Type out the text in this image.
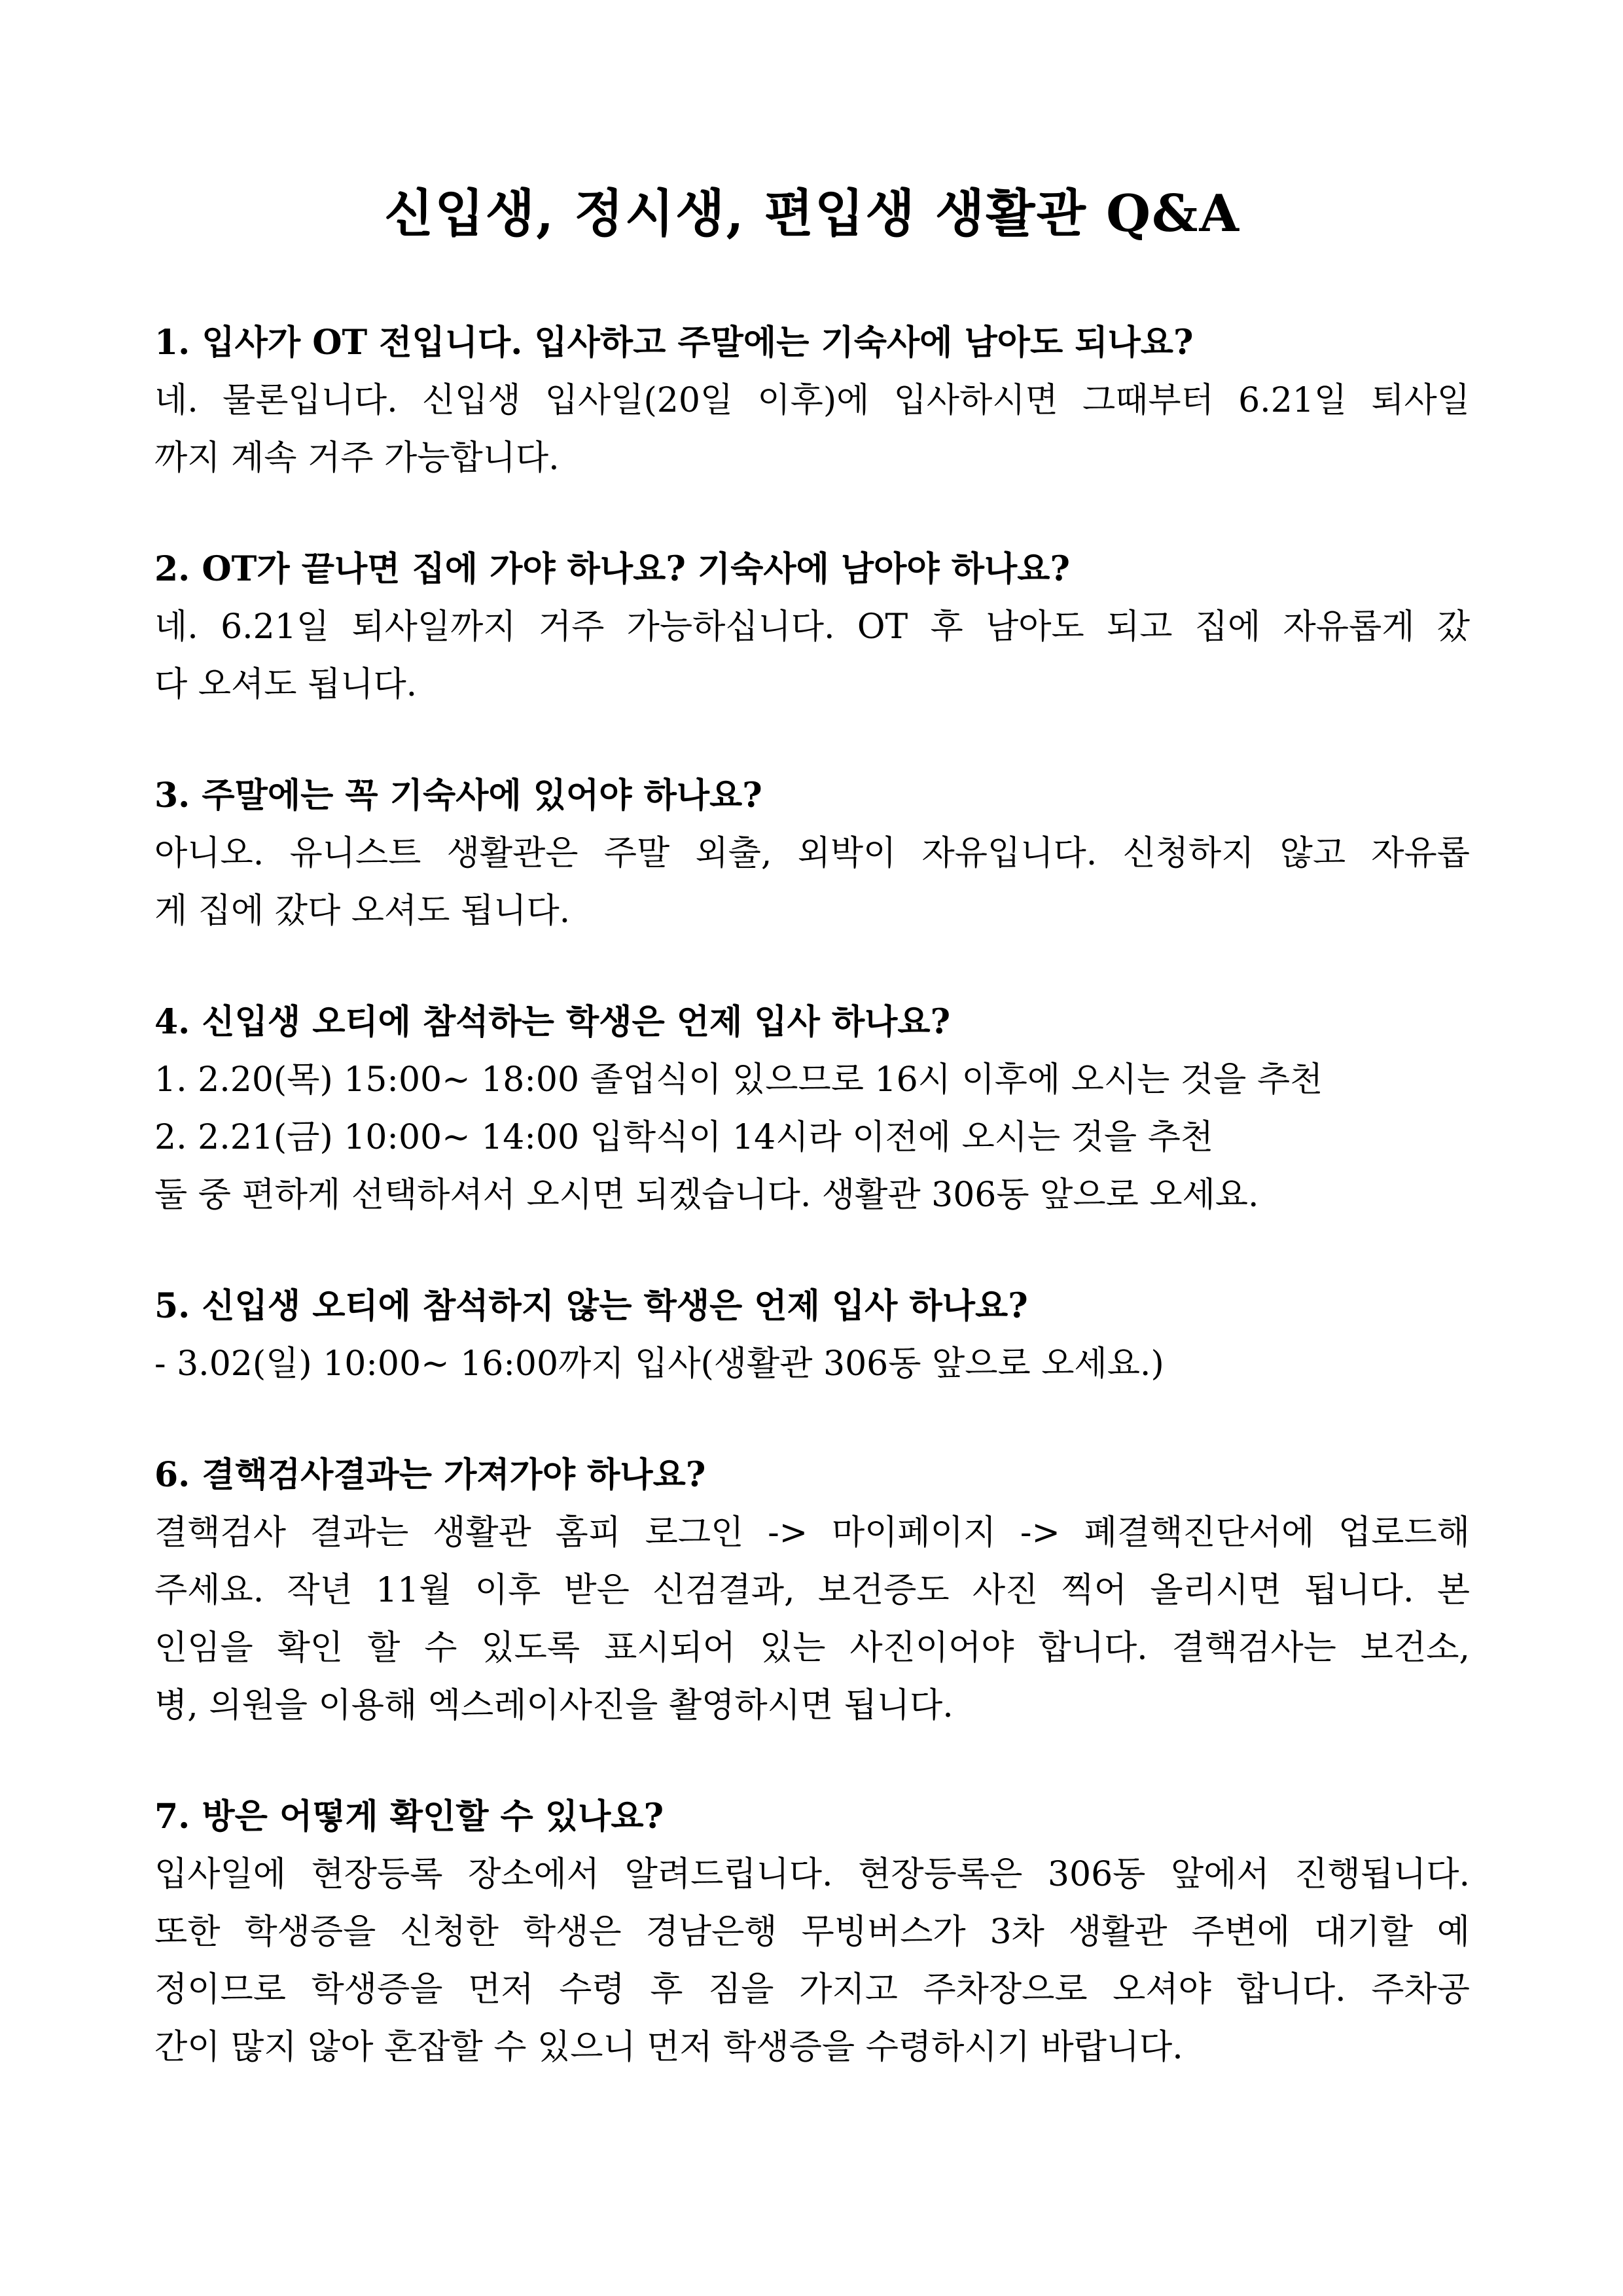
신입생, 정시생, 편입생 생활관 Q&A

1. 입사가 OT 전입니다. 입사하고 주말에는 기숙사에 남아도 되나요?

네. 물론입니다. 신입생 입사일(20일 이후)에 입사하시면 그때부터 6.21일 퇴사일

까지 계속 거주 가능합니다.

2. OT가 끝나면 집에 가야 하나요? 기숙사에 남아야 하나요?

네. 6.21일 퇴사일까지 거주 가능하십니다. OT 후 남아도 되고 집에 자유롭게 갔

다 오셔도 됩니다.

3. 주말에는 꼭 기숙사에 있어야 하나요?

아니오. 유니스트 생활관은 주말 외출, 외박이 자유입니다. 신청하지 않고 자유롭

게 집에 갔다 오셔도 됩니다.

4. 신입생 오티에 참석하는 학생은 언제 입사 하나요?

1. 2.20(목) 15:00~ 18:00 졸업식이 있으므로 16시 이후에 오시는 것을 추천

2. 2.21(금) 10:00~ 14:00 입학식이 14시라 이전에 오시는 것을 추천

둘 중 편하게 선택하셔서 오시면 되겠습니다. 생활관 306동 앞으로 오세요.

5. 신입생 오티에 참석하지 않는 학생은 언제 입사 하나요?

- 3.02(일) 10:00~ 16:00까지 입사(생활관 306동 앞으로 오세요.)

6. 결핵검사결과는 가져가야 하나요?

결핵검사 결과는 생활관 홈피 로그인 -> 마이페이지 -> 폐결핵진단서에 업로드해

주세요. 작년 11월 이후 받은 신검결과, 보건증도 사진 찍어 올리시면 됩니다. 본

인임을 확인 할 수 있도록 표시되어 있는 사진이어야 합니다. 결핵검사는 보건소,

병, 의원을 이용해 엑스레이사진을 촬영하시면 됩니다.

7. 방은 어떻게 확인할 수 있나요?

입사일에 현장등록 장소에서 알려드립니다. 현장등록은 306동 앞에서 진행됩니다.

또한 학생증을 신청한 학생은 경남은행 무빙버스가 3차 생활관 주변에 대기할 예

정이므로 학생증을 먼저 수령 후 짐을 가지고 주차장으로 오셔야 합니다. 주차공

간이 많지 않아 혼잡할 수 있으니 먼저 학생증을 수령하시기 바랍니다.
